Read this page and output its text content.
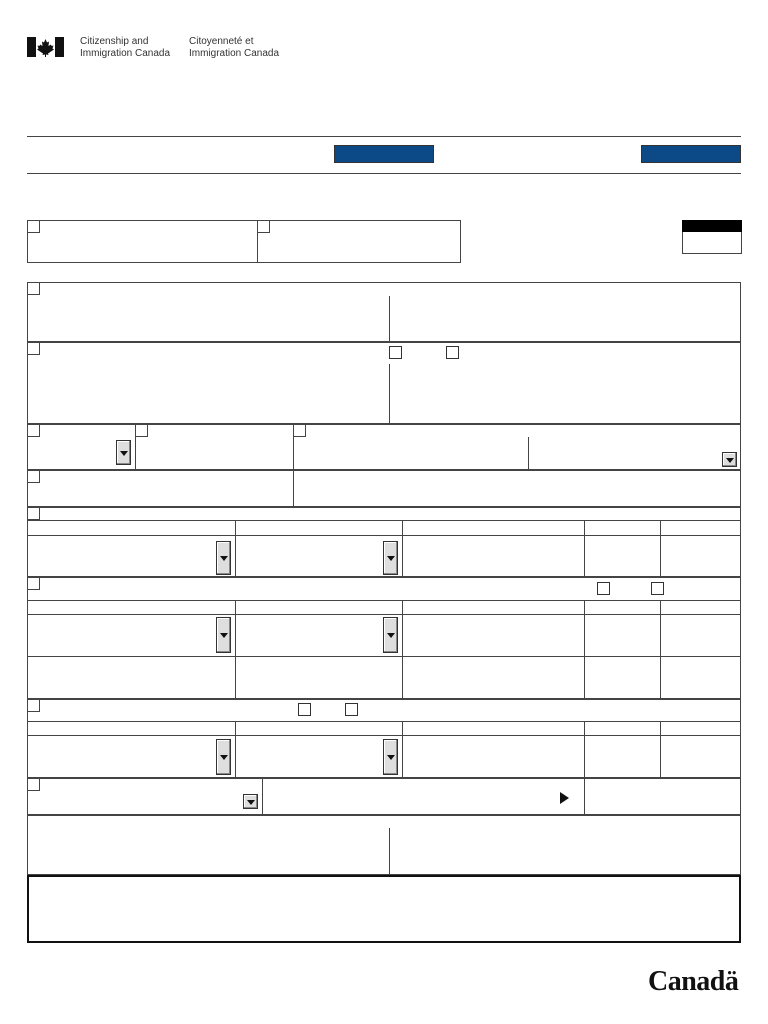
Citizenship and
Immigration Canada
Citoyenneté et
Immigration Canada
Canadä
